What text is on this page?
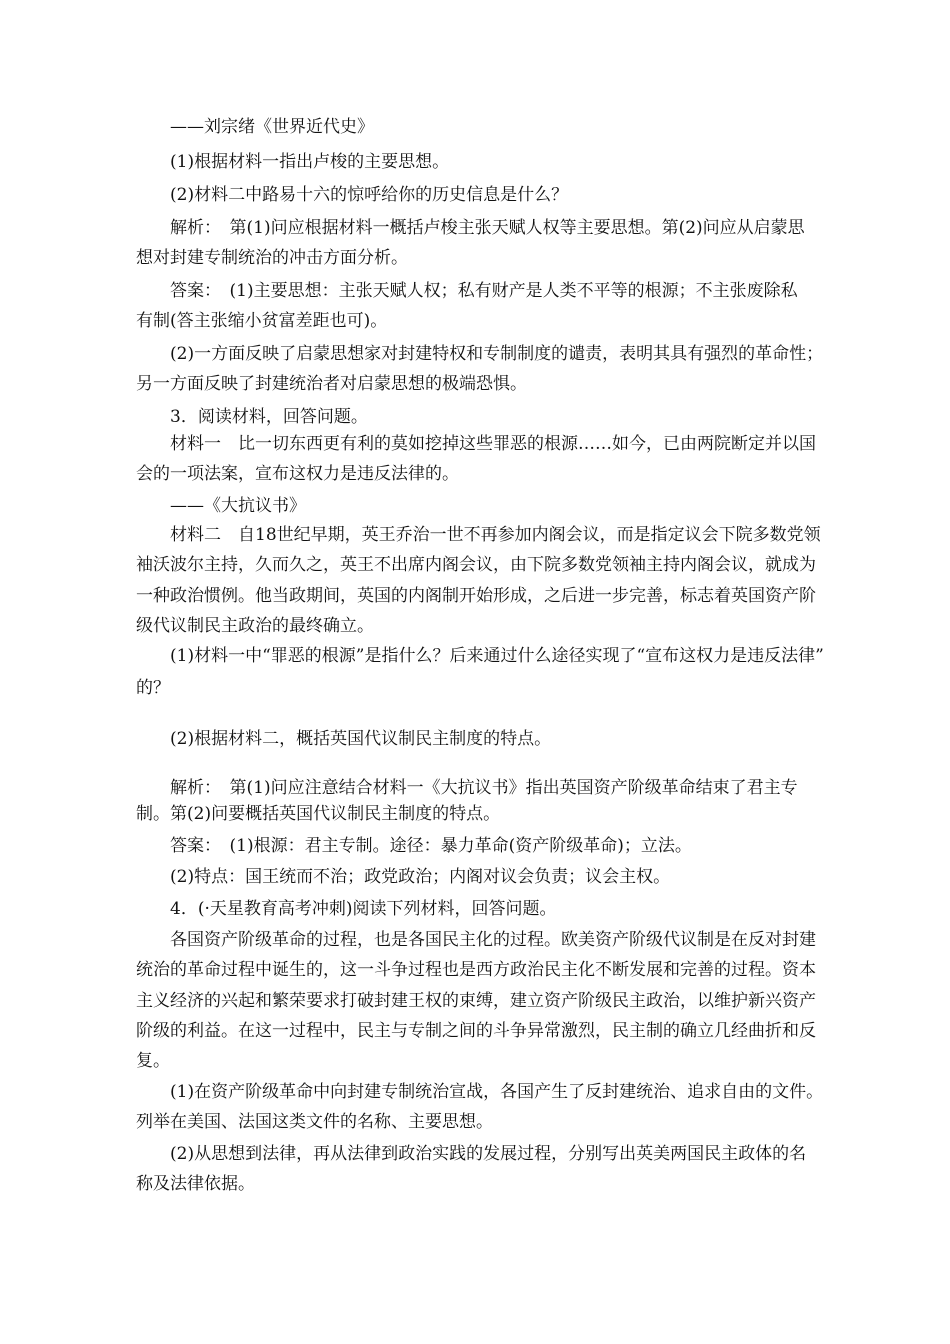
——刘宗绪《世界近代史》
(1)根据材料一指出卢梭的主要思想。
(2)材料二中路易十六的惊呼给你的历史信息是什么？
解析：　第(1)问应根据材料一概括卢梭主张天赋人权等主要思想。第(2)问应从启蒙思
想对封建专制统治的冲击方面分析。
答案：　(1)主要思想：主张天赋人权；私有财产是人类不平等的根源；不主张废除私
有制(答主张缩小贫富差距也可)。
(2)一方面反映了启蒙思想家对封建特权和专制制度的谴责，表明其具有强烈的革命性；
另一方面反映了封建统治者对启蒙思想的极端恐惧。
3．阅读材料，回答问题。
材料一　比一切东西更有利的莫如挖掉这些罪恶的根源……如今，已由两院断定并以国
会的一项法案，宣布这权力是违反法律的。
——《大抗议书》
材料二　自18世纪早期，英王乔治一世不再参加内阁会议，而是指定议会下院多数党领
袖沃波尔主持，久而久之，英王不出席内阁会议，由下院多数党领袖主持内阁会议，就成为
一种政治惯例。他当政期间，英国的内阁制开始形成，之后进一步完善，标志着英国资产阶
级代议制民主政治的最终确立。
(1)材料一中“罪恶的根源”是指什么？后来通过什么途径实现了“宣布这权力是违反法律”
的？
(2)根据材料二，概括英国代议制民主制度的特点。
解析：　第(1)问应注意结合材料一《大抗议书》指出英国资产阶级革命结束了君主专
制。第(2)问要概括英国代议制民主制度的特点。
答案：　(1)根源：君主专制。途径：暴力革命(资产阶级革命)；立法。
(2)特点：国王统而不治；政党政治；内阁对议会负责；议会主权。
4．(·天星教育高考冲刺)阅读下列材料，回答问题。
各国资产阶级革命的过程，也是各国民主化的过程。欧美资产阶级代议制是在反对封建
统治的革命过程中诞生的，这一斗争过程也是西方政治民主化不断发展和完善的过程。资本
主义经济的兴起和繁荣要求打破封建王权的束缚，建立资产阶级民主政治，以维护新兴资产
阶级的利益。在这一过程中，民主与专制之间的斗争异常激烈，民主制的确立几经曲折和反
复。
(1)在资产阶级革命中向封建专制统治宣战，各国产生了反封建统治、追求自由的文件。
列举在美国、法国这类文件的名称、主要思想。
(2)从思想到法律，再从法律到政治实践的发展过程，分别写出英美两国民主政体的名
称及法律依据。
